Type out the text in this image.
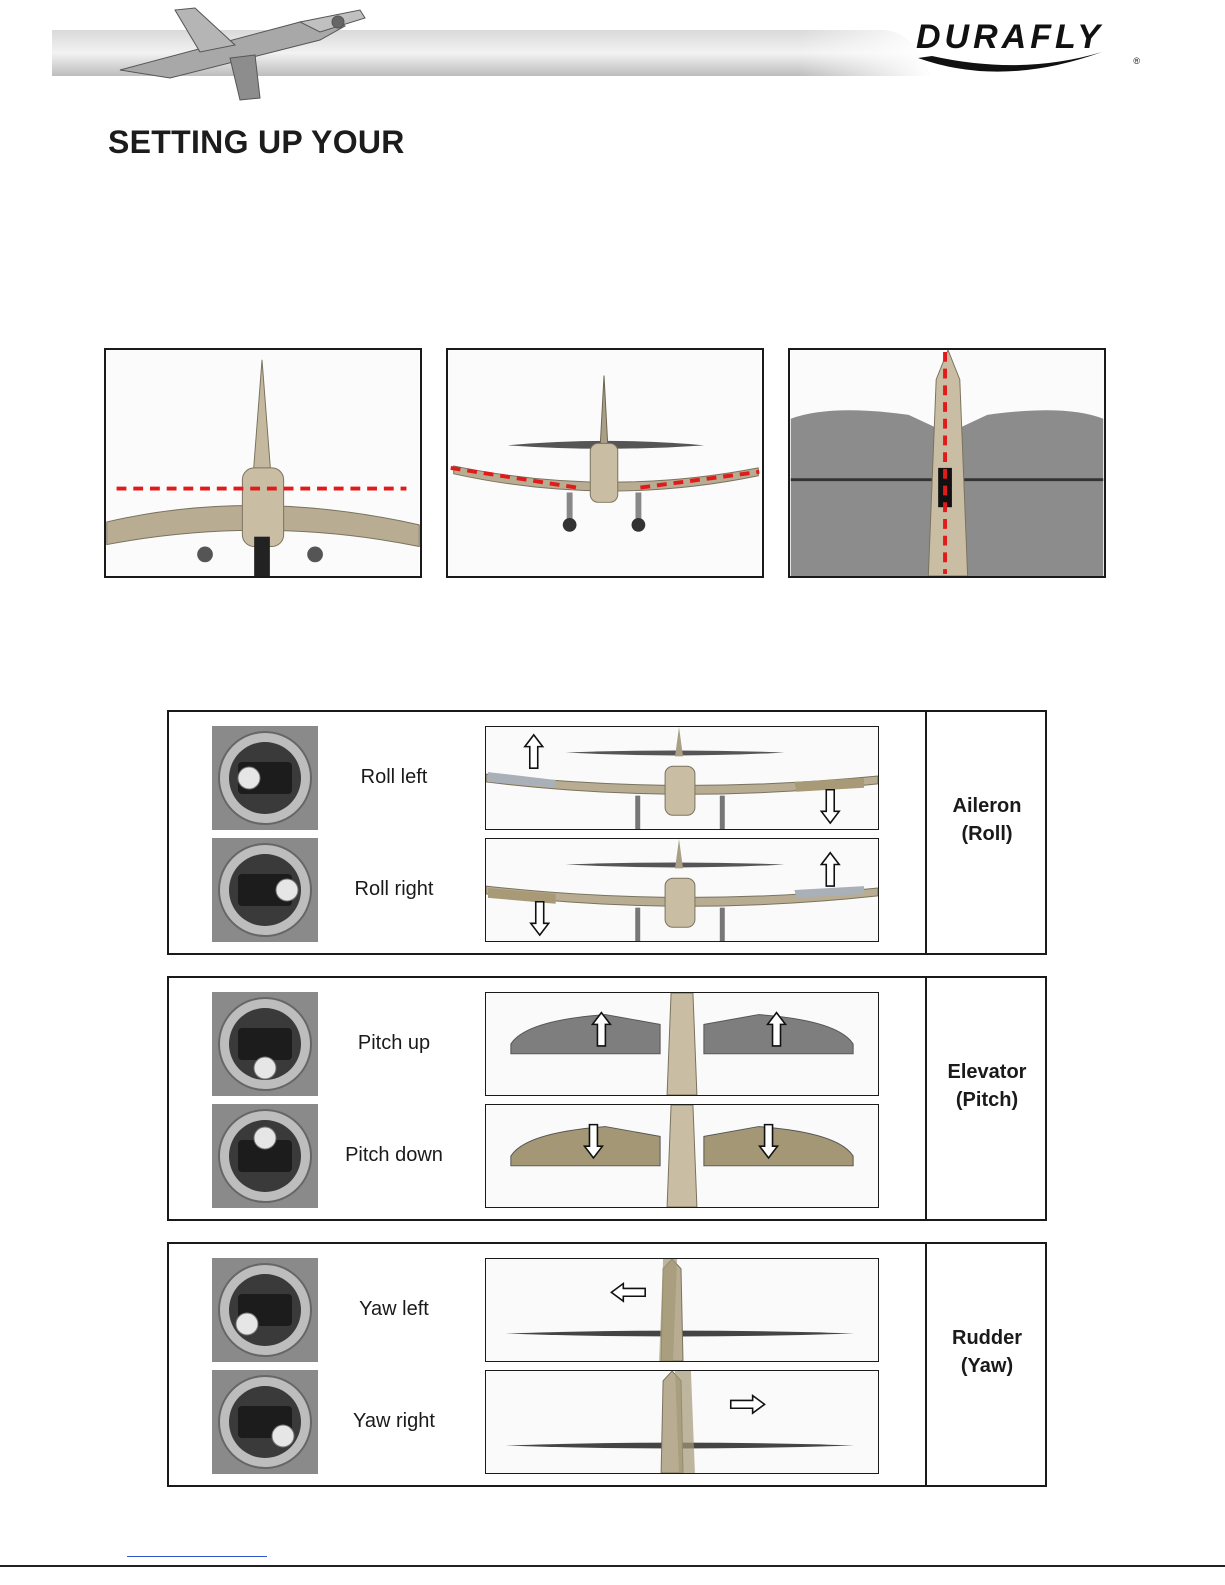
DURAFLY
®
SETTING UP YOUR
Aileron
(Roll)
Roll left
Roll right
Elevator
(Pitch)
Pitch up
Pitch down
Rudder
(Yaw)
Yaw left
Yaw right
